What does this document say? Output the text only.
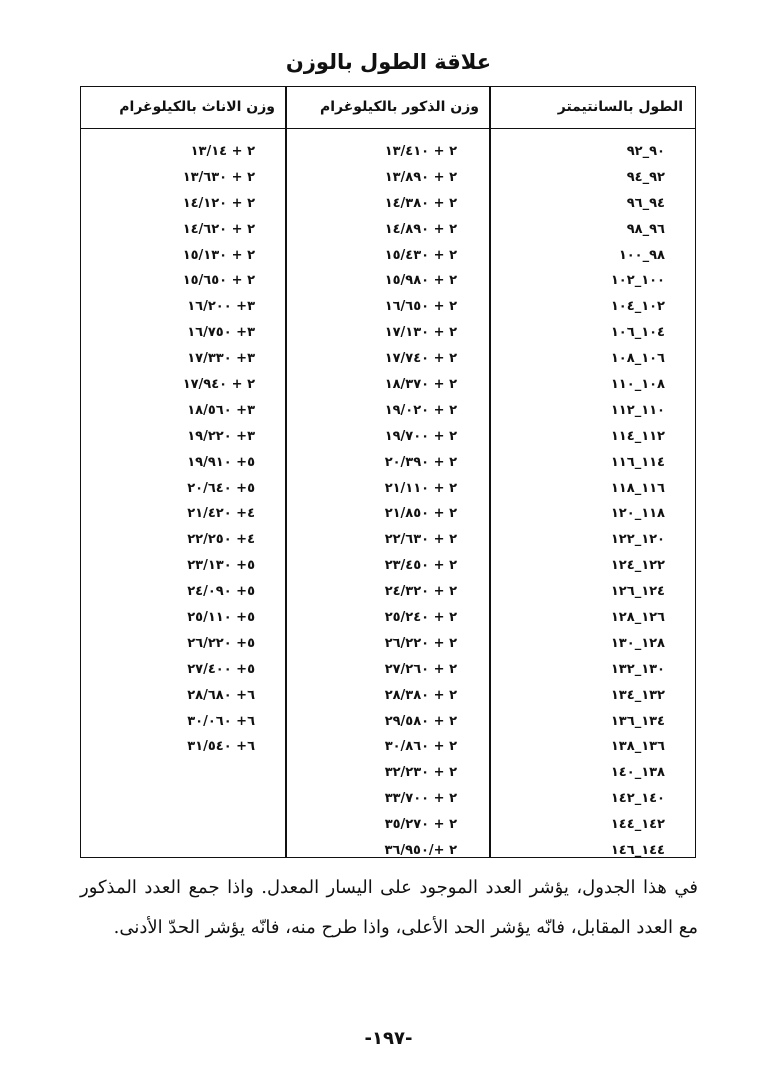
علاقة الطول بالوزن
الطول بالسانتيمتر
وزن الذكور بالكيلوغرام
وزن الاناث بالكيلوغرام
٩٠_٩٢
٢ + ١٣/٤١٠
٢ + ١٣/١٤
٩٢_٩٤
٢ + ١٣/٨٩٠
٢ + ١٣/٦٣٠
٩٤_٩٦
٢ + ١٤/٣٨٠
٢ + ١٤/١٢٠
٩٦_٩٨
٢ + ١٤/٨٩٠
٢ + ١٤/٦٢٠
٩٨_١٠٠
٢ + ١٥/٤٣٠
٢ + ١٥/١٣٠
١٠٠_١٠٢
٢ + ١٥/٩٨٠
٢ + ١٥/٦٥٠
١٠٢_١٠٤
٢ + ١٦/٦٥٠
٣+ ١٦/٢٠٠
١٠٤_١٠٦
٢ + ١٧/١٣٠
٣+ ١٦/٧٥٠
١٠٦_١٠٨
٢ + ١٧/٧٤٠
٣+ ١٧/٣٣٠
١٠٨_١١٠
٢ + ١٨/٣٧٠
٢ + ١٧/٩٤٠
١١٠_١١٢
٢ + ١٩/٠٢٠
٣+ ١٨/٥٦٠
١١٢_١١٤
٢ + ١٩/٧٠٠
٣+ ١٩/٢٢٠
١١٤_١١٦
٢ + ٢٠/٣٩٠
٥+ ١٩/٩١٠
١١٦_١١٨
٢ + ٢١/١١٠
٥+ ٢٠/٦٤٠
١١٨_١٢٠
٢ + ٢١/٨٥٠
٤+ ٢١/٤٢٠
١٢٠_١٢٢
٢ + ٢٢/٦٣٠
٤+ ٢٢/٢٥٠
١٢٢_١٢٤
٢ + ٢٣/٤٥٠
٥+ ٢٣/١٣٠
١٢٤_١٢٦
٢ + ٢٤/٣٢٠
٥+ ٢٤/٠٩٠
١٢٦_١٢٨
٢ + ٢٥/٢٤٠
٥+ ٢٥/١١٠
١٢٨_١٣٠
٢ + ٢٦/٢٢٠
٥+ ٢٦/٢٢٠
١٣٠_١٣٢
٢ + ٢٧/٢٦٠
٥+ ٢٧/٤٠٠
١٣٢_١٣٤
٢ + ٢٨/٣٨٠
٦+ ٢٨/٦٨٠
١٣٤_١٣٦
٢ + ٢٩/٥٨٠
٦+ ٣٠/٠٦٠
١٣٦_١٣٨
٢ + ٣٠/٨٦٠
٦+ ٣١/٥٤٠
١٣٨_١٤٠
٢ + ٣٢/٢٣٠
١٤٠_١٤٢
٢ + ٣٣/٧٠٠
١٤٢_١٤٤
٢ + ٣٥/٢٧٠
١٤٤_١٤٦
٢ +/٣٦/٩٥٠
في هذا الجدول، يؤشر العدد الموجود على اليسار المعدل. واذا جمع العدد المذكور مع العدد المقابل، فانّه يؤشر الحد الأعلى، واذا طرح منه، فانّه يؤشر الحدّ الأدنى.
-١٩٧-
